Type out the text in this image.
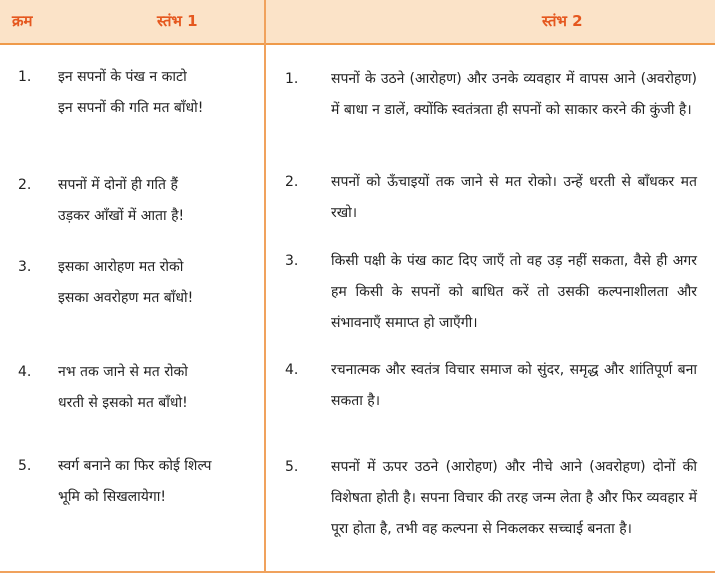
क्रम	स्तंभ 1	स्तंभ 2
1. इन सपनों के पंख न काटो
इन सपनों की गति मत बाँधो!
2. सपनों में दोनों ही गति हैं
उड़कर आँखों में आता है!
3. इसका आरोहण मत रोको
इसका अवरोहण मत बाँधो!
4. नभ तक जाने से मत रोको
धरती से इसको मत बाँधो!
5. स्वर्ग बनाने का फिर कोई शिल्प
भूमि को सिखलायेगा!
1. सपनों के उठने (आरोहण) और उनके व्यवहार में वापस आने (अवरोहण) में बाधा न डालें, क्योंकि स्वतंत्रता ही सपनों को साकार करने की कुंजी है।
2. सपनों को ऊँचाइयों तक जाने से मत रोको। उन्हें धरती से बाँधकर मत रखो।
3. किसी पक्षी के पंख काट दिए जाएँ तो वह उड़ नहीं सकता, वैसे ही अगर हम किसी के सपनों को बाधित करें तो उसकी कल्पनाशीलता और संभावनाएँ समाप्त हो जाएँगी।
4. रचनात्मक और स्वतंत्र विचार समाज को सुंदर, समृद्ध और शांतिपूर्ण बना सकता है।
5. सपनों में ऊपर उठने (आरोहण) और नीचे आने (अवरोहण) दोनों की विशेषता होती है। सपना विचार की तरह जन्म लेता है और फिर व्यवहार में पूरा होता है, तभी वह कल्पना से निकलकर सच्चाई बनता है।
